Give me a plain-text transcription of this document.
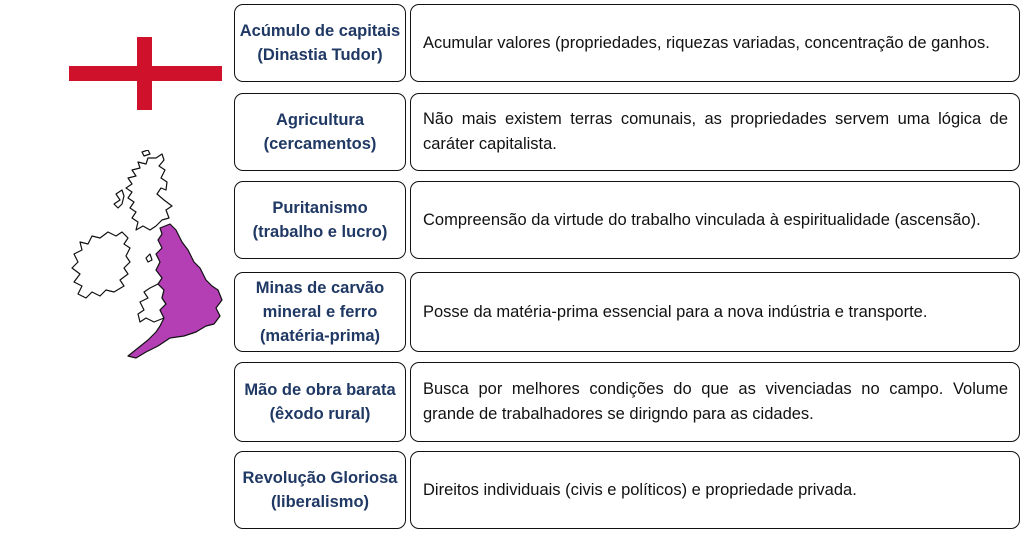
Acúmulo de capitais (Dinastia Tudor)
Acumular valores (propriedades, riquezas variadas, concentração de ganhos.
Agricultura (cercamentos)
Não mais existem terras comunais, as propriedades servem uma lógica de caráter capitalista.
Puritanismo (trabalho e lucro)
Compreensão da virtude do trabalho vinculada à espiritualidade (ascensão).
Minas de carvão mineral e ferro (matéria-prima)
Posse da matéria-prima essencial para a nova indústria e transporte.
Mão de obra barata (êxodo rural)
Busca por melhores condições do que as vivenciadas no campo. Volume grande de trabalhadores se dirigndo para as cidades.
Revolução Gloriosa (liberalismo)
Direitos individuais (civis e políticos) e propriedade privada.
